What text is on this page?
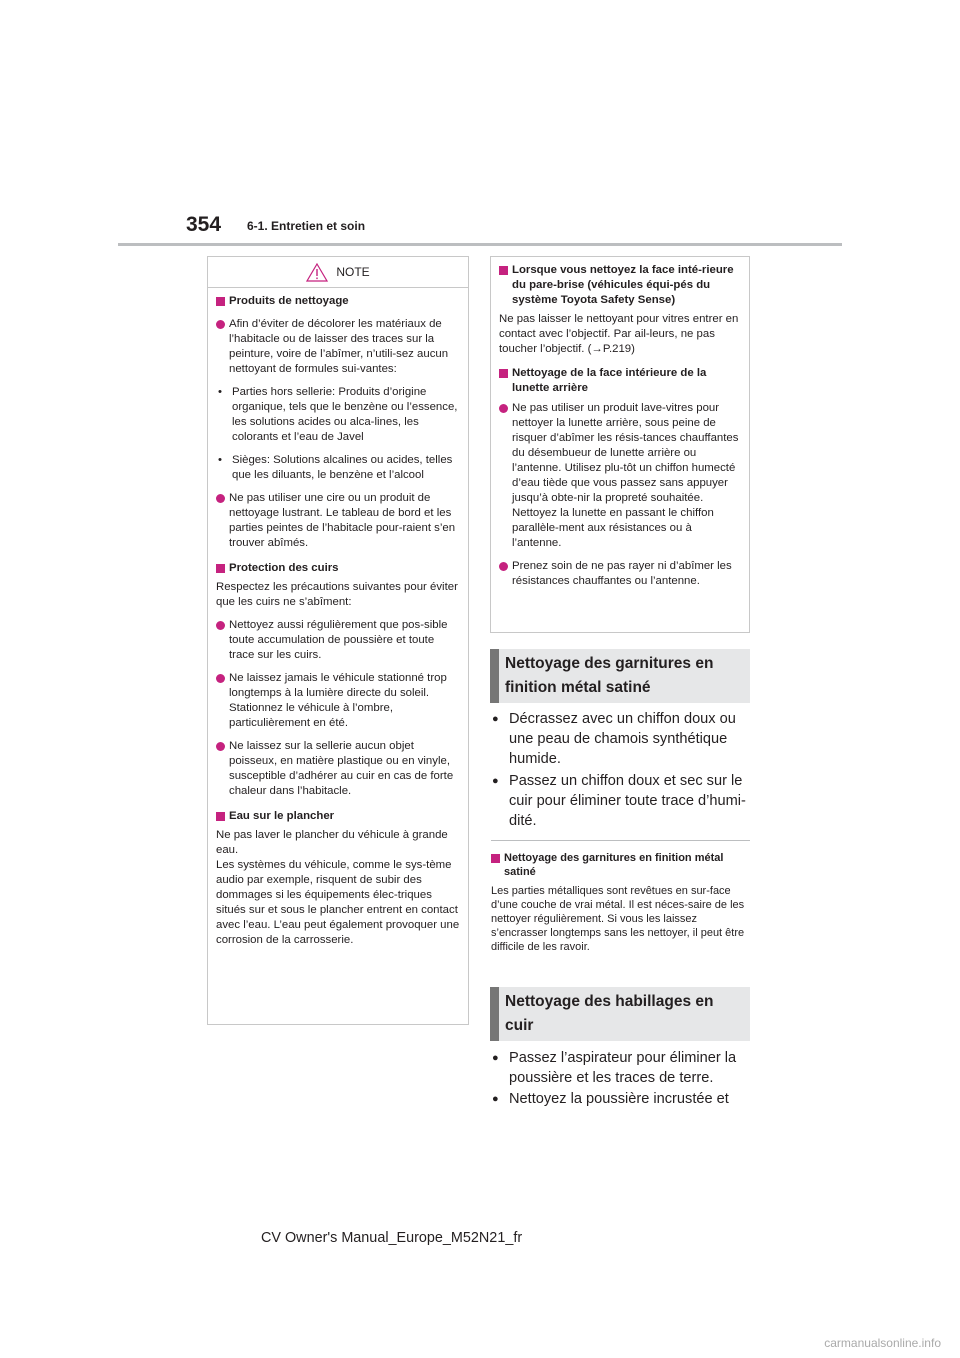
354 6-1. Entretien et soin
NOTE
Produits de nettoyage
Afin d’éviter de décolorer les matériaux de l’habitacle ou de laisser des traces sur la peinture, voire de l’abîmer, n’utili-sez aucun nettoyant de formules sui-vantes:
• Parties hors sellerie: Produits d’origine organique, tels que le benzène ou l’essence, les solutions acides ou alca-lines, les colorants et l’eau de Javel
• Sièges: Solutions alcalines ou acides, telles que les diluants, le benzène et l’alcool
Ne pas utiliser une cire ou un produit de nettoyage lustrant. Le tableau de bord et les parties peintes de l’habitacle pour-raient s’en trouver abîmés.
Protection des cuirs
Respectez les précautions suivantes pour éviter que les cuirs ne s’abîment:
Nettoyez aussi régulièrement que pos-sible toute accumulation de poussière et toute trace sur les cuirs.
Ne laissez jamais le véhicule stationné trop longtemps à la lumière directe du soleil. Stationnez le véhicule à l’ombre, particulièrement en été.
Ne laissez sur la sellerie aucun objet poisseux, en matière plastique ou en vinyle, susceptible d’adhérer au cuir en cas de forte chaleur dans l’habitacle.
Eau sur le plancher
Ne pas laver le plancher du véhicule à grande eau.
Les systèmes du véhicule, comme le sys-tème audio par exemple, risquent de subir des dommages si les équipements élec-triques situés sur et sous le plancher entrent en contact avec l’eau. L’eau peut également provoquer une corrosion de la carrosserie.
Lorsque vous nettoyez la face inté-rieure du pare-brise (véhicules équi-pés du système Toyota Safety Sense)
Ne pas laisser le nettoyant pour vitres entrer en contact avec l’objectif. Par ail-leurs, ne pas toucher l’objectif. (→P.219)
Nettoyage de la face intérieure de la lunette arrière
Ne pas utiliser un produit lave-vitres pour nettoyer la lunette arrière, sous peine de risquer d’abîmer les résis-tances chauffantes du désembueur de lunette arrière ou l’antenne. Utilisez plu-tôt un chiffon humecté d’eau tiède que vous passez sans appuyer jusqu’à obte-nir la propreté souhaitée. Nettoyez la lunette en passant le chiffon parallèle-ment aux résistances ou à l’antenne.
Prenez soin de ne pas rayer ni d’abîmer les résistances chauffantes ou l’antenne.
Nettoyage des garnitures en finition métal satiné
● Décrassez avec un chiffon doux ou une peau de chamois synthétique humide.
● Passez un chiffon doux et sec sur le cuir pour éliminer toute trace d’humi-dité.
Nettoyage des garnitures en finition métal satiné
Les parties métalliques sont revêtues en sur-face d’une couche de vrai métal. Il est néces-saire de les nettoyer régulièrement. Si vous les laissez s’encrasser longtemps sans les nettoyer, il peut être difficile de les ravoir.
Nettoyage des habillages en cuir
● Passez l’aspirateur pour éliminer la poussière et les traces de terre.
● Nettoyez la poussière incrustée et
CV Owner's Manual_Europe_M52N21_fr
carmanualsonline.info
